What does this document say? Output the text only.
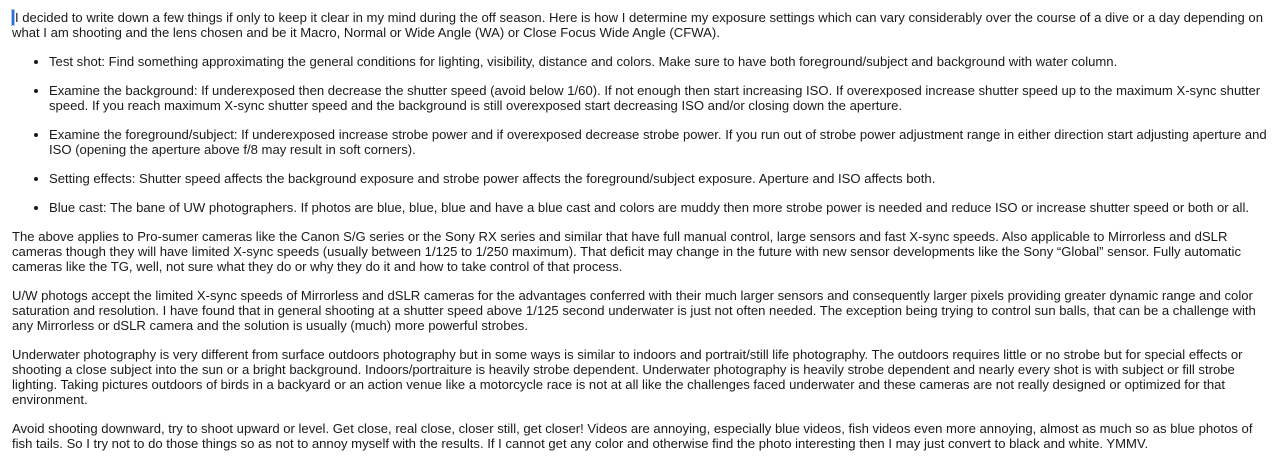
I decided to write down a few things if only to keep it clear in my mind during the off season. Here is how I determine my exposure settings which can vary considerably over the course of a dive or a day depending on what I am shooting and the lens chosen and be it Macro, Normal or Wide Angle (WA) or Close Focus Wide Angle (CFWA).

• Test shot: Find something approximating the general conditions for lighting, visibility, distance and colors. Make sure to have both foreground/subject and background with water column.
• Examine the background: If underexposed then decrease the shutter speed (avoid below 1/60). If not enough then start increasing ISO. If overexposed increase shutter speed up to the maximum X-sync shutter speed. If you reach maximum X-sync shutter speed and the background is still overexposed start decreasing ISO and/or closing down the aperture.
• Examine the foreground/subject: If underexposed increase strobe power and if overexposed decrease strobe power. If you run out of strobe power adjustment range in either direction start adjusting aperture and ISO (opening the aperture above f/8 may result in soft corners).
• Setting effects: Shutter speed affects the background exposure and strobe power affects the foreground/subject exposure. Aperture and ISO affects both.
• Blue cast: The bane of UW photographers. If photos are blue, blue, blue and have a blue cast and colors are muddy then more strobe power is needed and reduce ISO or increase shutter speed or both or all.

The above applies to Pro-sumer cameras like the Canon S/G series or the Sony RX series and similar that have full manual control, large sensors and fast X-sync speeds. Also applicable to Mirrorless and dSLR cameras though they will have limited X-sync speeds (usually between 1/125 to 1/250 maximum). That deficit may change in the future with new sensor developments like the Sony “Global” sensor. Fully automatic cameras like the TG, well, not sure what they do or why they do it and how to take control of that process.

U/W photogs accept the limited X-sync speeds of Mirrorless and dSLR cameras for the advantages conferred with their much larger sensors and consequently larger pixels providing greater dynamic range and color saturation and resolution. I have found that in general shooting at a shutter speed above 1/125 second underwater is just not often needed. The exception being trying to control sun balls, that can be a challenge with any Mirrorless or dSLR camera and the solution is usually (much) more powerful strobes.

Underwater photography is very different from surface outdoors photography but in some ways is similar to indoors and portrait/still life photography. The outdoors requires little or no strobe but for special effects or shooting a close subject into the sun or a bright background. Indoors/portraiture is heavily strobe dependent. Underwater photography is heavily strobe dependent and nearly every shot is with subject or fill strobe lighting. Taking pictures outdoors of birds in a backyard or an action venue like a motorcycle race is not at all like the challenges faced underwater and these cameras are not really designed or optimized for that environment.

Avoid shooting downward, try to shoot upward or level. Get close, real close, closer still, get closer! Videos are annoying, especially blue videos, fish videos even more annoying, almost as much so as blue photos of fish tails. So I try not to do those things so as not to annoy myself with the results. If I cannot get any color and otherwise find the photo interesting then I may just convert to black and white. YMMV.
